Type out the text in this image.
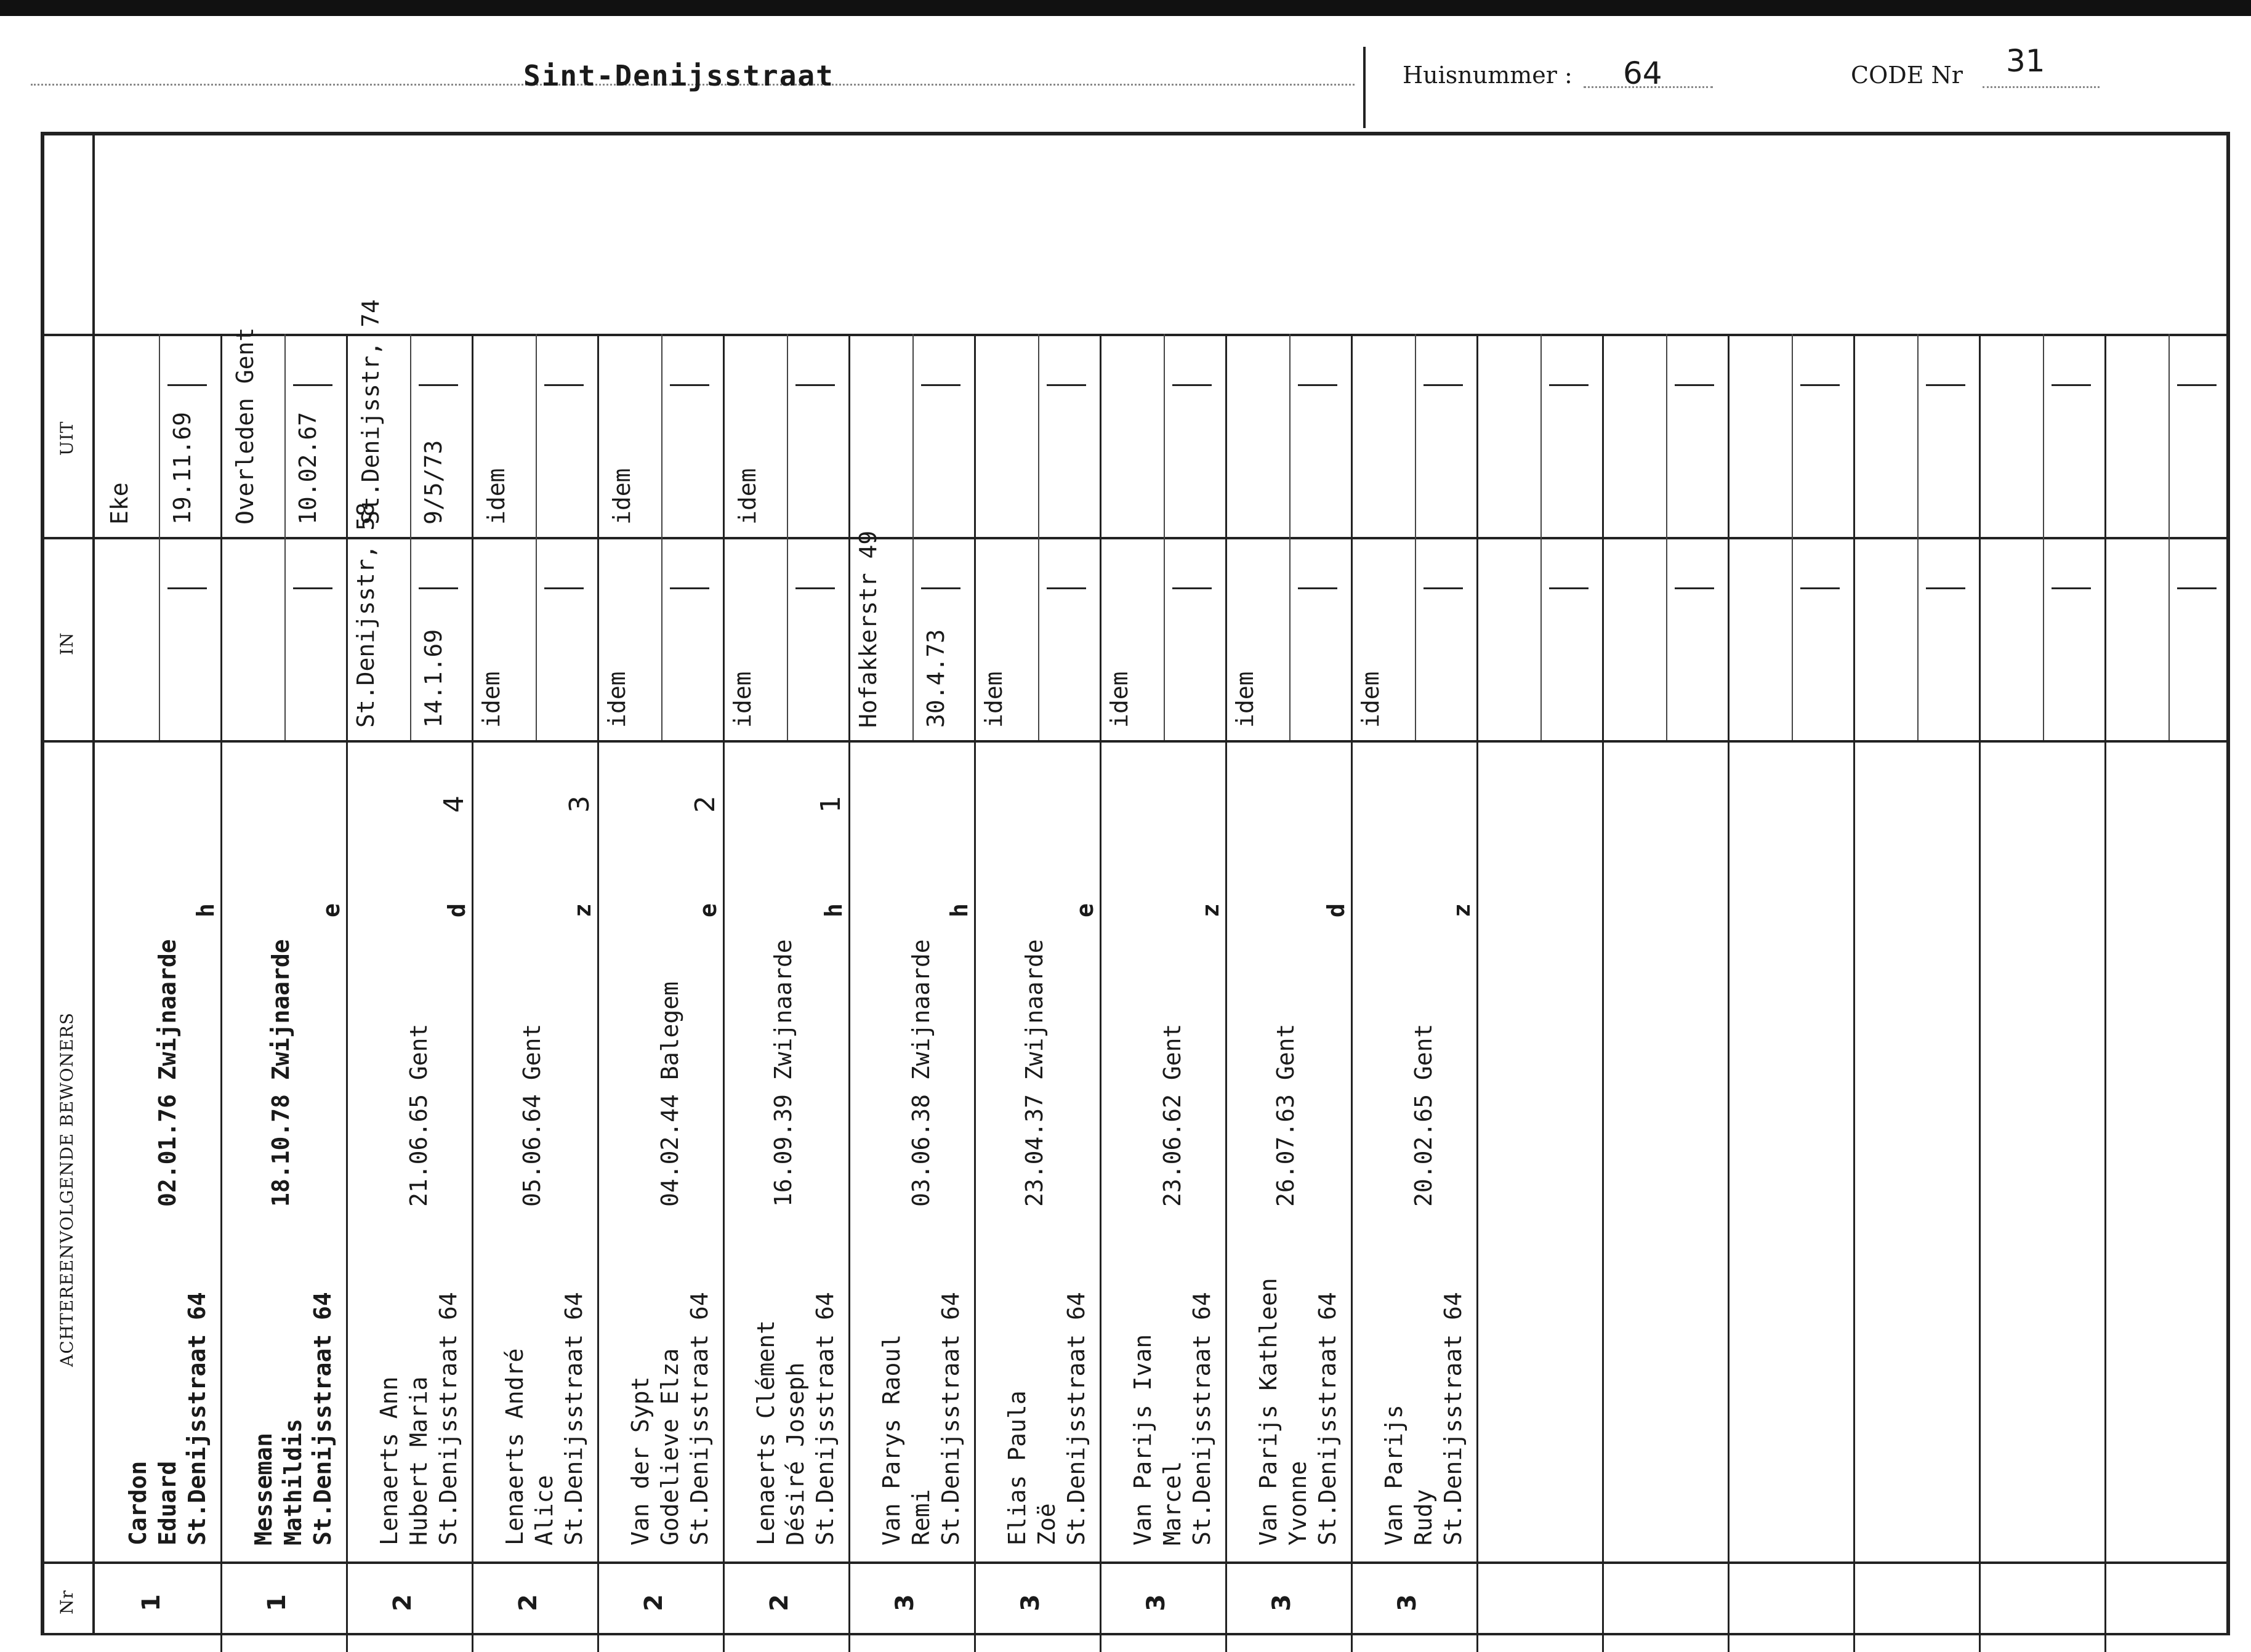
Sint-Denijsstraat	Huisnummer : 64	CODE Nr 31
UIT
IN
ACHTEREENVOLGENDE BEWONERS
Nr 1
Cardon Eduard St.Denijsstraat 64
02.01.76 Zwijnaarde
h
Eke 19.11.69
1
Messeman Mathildis St.Denijsstraat 64
18.10.78 Zwijnaarde
e
Overleden Gent 10.02.67
2
Lenaerts Ann Hubert Maria St.Denijsstraat 64
21.06.65 Gent
d
4
St.Denijsstr, 58 14.1.69
St.Denijsstr, 74 9/5/73
2
Lenaerts André Alice St.Denijsstraat 64
05.06.64 Gent
z
3
idem
idem
2
Van der Sypt Godelieve Elza St.Denijsstraat 64
04.02.44 Balegem
e
2
idem
idem
2
Lenaerts Clément Désiré Joseph St.Denijsstraat 64
16.09.39 Zwijnaarde
h
1
idem
idem
3
Van Parys Raoul Remi St.Denijsstraat 64
03.06.38 Zwijnaarde
h
Hofakkerstr 49 30.4.73
3
Elias Paula Zoë St.Denijsstraat 64
23.04.37 Zwijnaarde
e
idem
3
Van Parijs Ivan Marcel St.Denijsstraat 64
23.06.62 Gent
z
idem
3
Van Parijs Kathleen Yvonne St.Denijsstraat 64
26.07.63 Gent
d
idem
3
Van Parijs Rudy St.Denijsstraat 64
20.02.65 Gent
z
idem
